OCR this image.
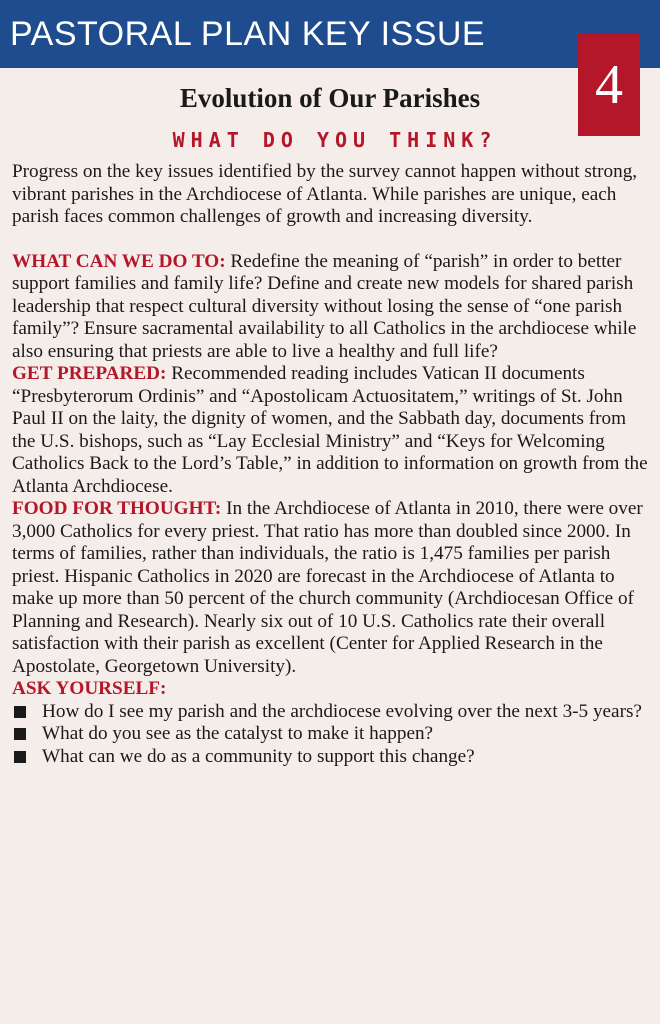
PASTORAL PLAN KEY ISSUE
4
Evolution of Our Parishes
WHAT DO YOU THINK?

Progress on the key issues identified by the survey cannot happen without strong, vibrant parishes in the Archdiocese of Atlanta. While parishes are unique, each parish faces common challenges of growth and increasing diversity.

WHAT CAN WE DO TO: Redefine the meaning of “parish” in order to better support families and family life? Define and create new models for shared parish leadership that respect cultural diversity without losing the sense of “one parish family”? Ensure sacramental availability to all Catholics in the archdiocese while also ensuring that priests are able to live a healthy and full life?

GET PREPARED: Recommended reading includes Vatican II documents “Presbyterorum Ordinis” and “Apostolicam Actuositatem,” writings of St. John Paul II on the laity, the dignity of women, and the Sabbath day, documents from the U.S. bishops, such as “Lay Ecclesial Ministry” and “Keys for Welcoming Catholics Back to the Lord’s Table,” in addition to information on growth from the Atlanta Archdiocese.

FOOD FOR THOUGHT: In the Archdiocese of Atlanta in 2010, there were over 3,000 Catholics for every priest. That ratio has more than doubled since 2000. In terms of families, rather than individuals, the ratio is 1,475 families per parish priest. Hispanic Catholics in 2020 are forecast in the Archdiocese of Atlanta to make up more than 50 percent of the church community (Archdiocesan Office of Planning and Research). Nearly six out of 10 U.S. Catholics rate their overall satisfaction with their parish as excellent (Center for Applied Research in the Apostolate, Georgetown University).

ASK YOURSELF:

How do I see my parish and the archdiocese evolving over the next 3-5 years?
What do you see as the catalyst to make it happen?
What can we do as a community to support this change?
